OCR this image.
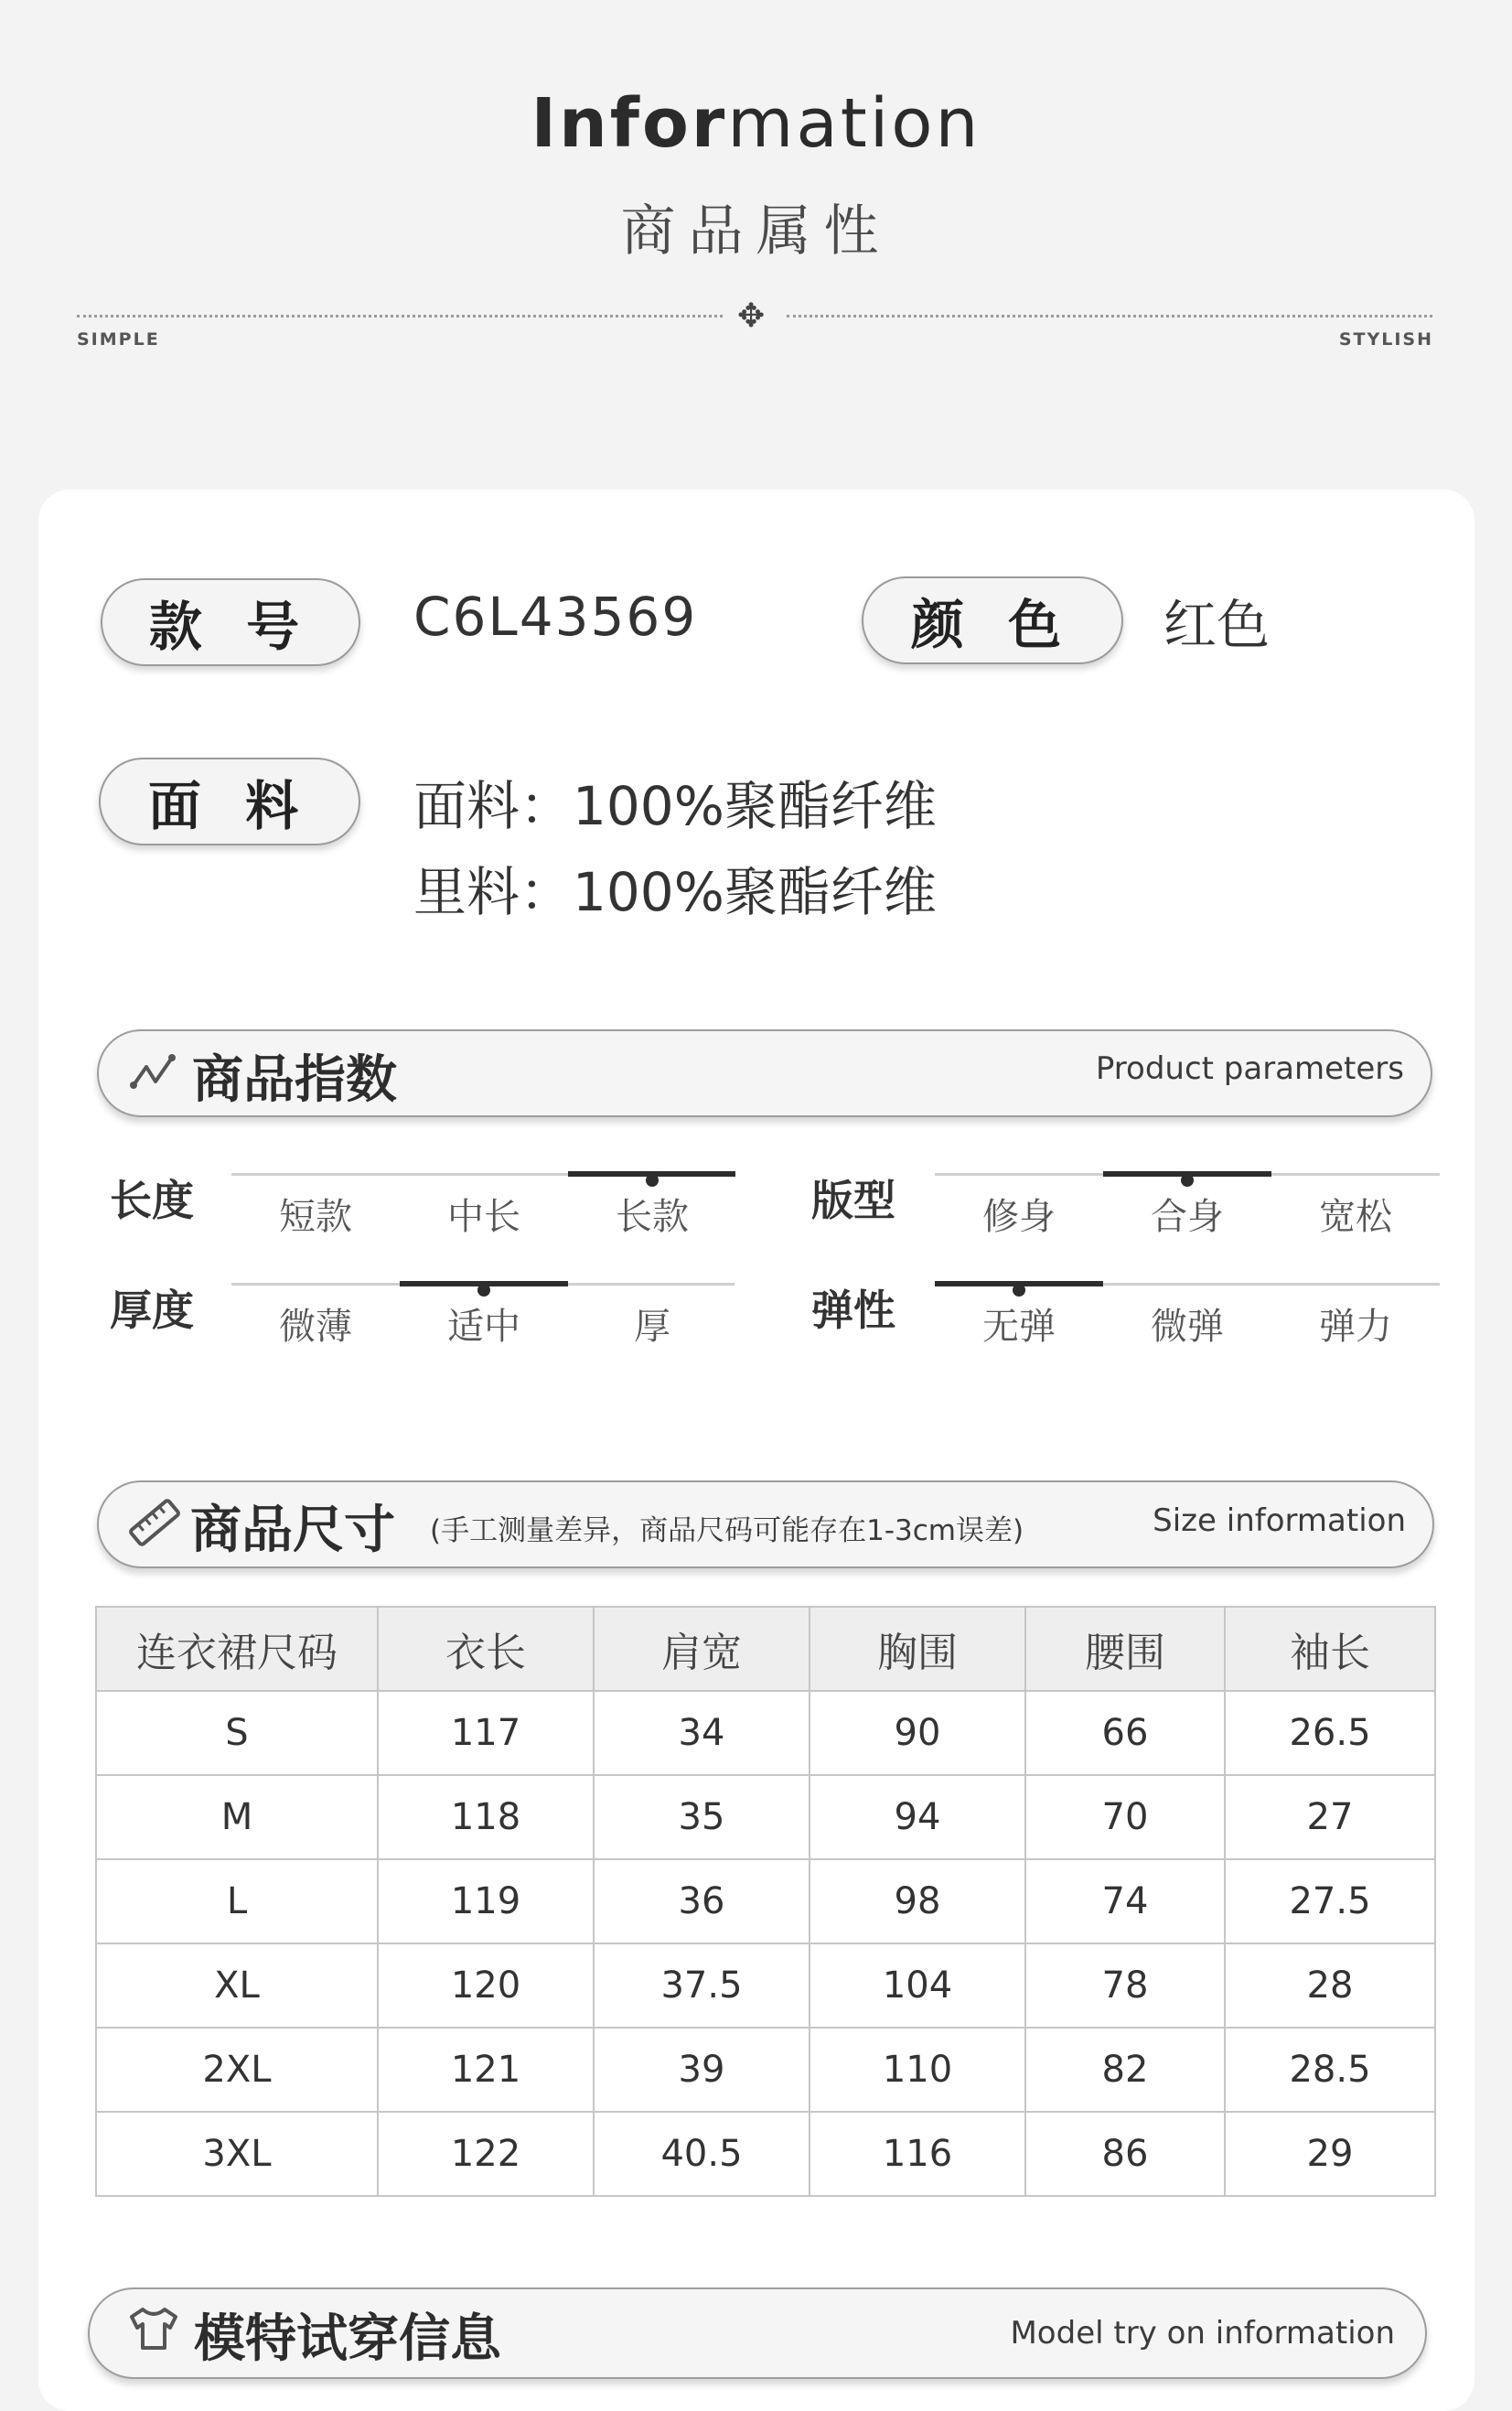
Information
商品属性
✥
SIMPLE	STYLISH
款 号	C6L43569	颜 色	红色
面 料	面料：100%聚酯纤维
里料：100%聚酯纤维
商品指数	Product parameters
长度	短款	中长	长款	版型	修身	合身	宽松
厚度	微薄	适中	厚	弹性	无弹	微弹	弹力
商品尺寸 (手工测量差异，商品尺码可能存在1-3cm误差)	Size information
连衣裙尺码	衣长	肩宽	胸围	腰围	袖长
S	117	34	90	66	26.5
M	118	35	94	70	27
L	119	36	98	74	27.5
XL	120	37.5	104	78	28
2XL	121	39	110	82	28.5
3XL	122	40.5	116	86	29
模特试穿信息	Model try on information
